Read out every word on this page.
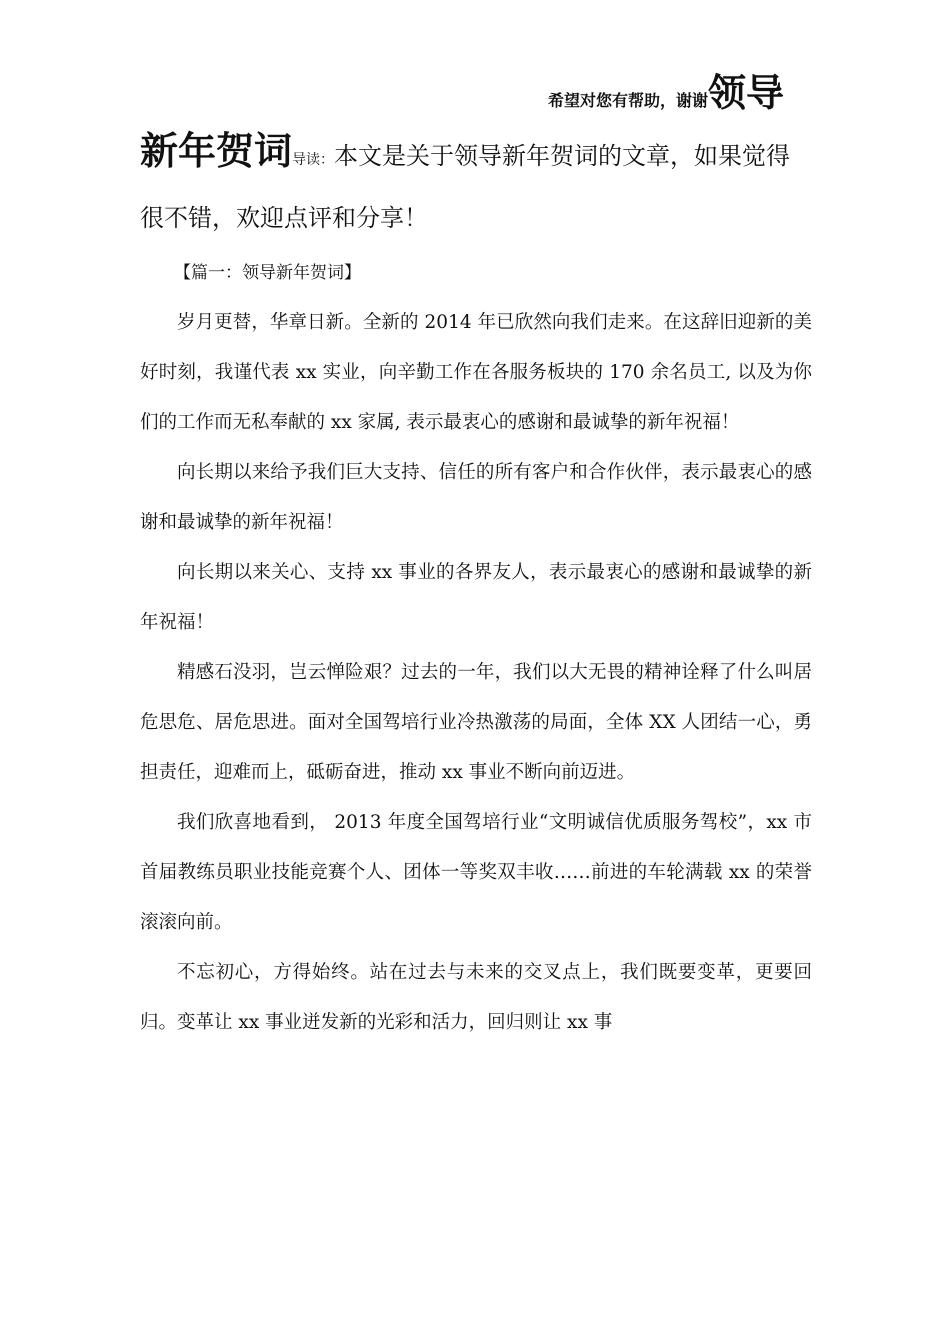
希望对您有帮助，谢谢领导
新年贺词导读：本文是关于领导新年贺词的文章，如果觉得很不错，欢迎点评和分享！

【篇一：领导新年贺词】

岁月更替，华章日新。全新的 2014 年已欣然向我们走来。在这辞旧迎新的美好时刻，我谨代表 xx 实业，向辛勤工作在各服务板块的 170 余名员工, 以及为你们的工作而无私奉献的 xx 家属, 表示最衷心的感谢和最诚挚的新年祝福！

向长期以来给予我们巨大支持、信任的所有客户和合作伙伴，表示最衷心的感谢和最诚挚的新年祝福！

向长期以来关心、支持 xx 事业的各界友人，表示最衷心的感谢和最诚挚的新年祝福！

精感石没羽，岂云惮险艰？过去的一年，我们以大无畏的精神诠释了什么叫居危思危、居危思进。面对全国驾培行业冷热激荡的局面，全体 XX 人团结一心，勇担责任，迎难而上，砥砺奋进，推动 xx 事业不断向前迈进。

我们欣喜地看到， 2013 年度全国驾培行业“文明诚信优质服务驾校”，xx 市首届教练员职业技能竞赛个人、团体一等奖双丰收……前进的车轮满载 xx 的荣誉滚滚向前。

不忘初心，方得始终。站在过去与未来的交叉点上，我们既要变革，更要回归。变革让 xx 事业迸发新的光彩和活力，回归则让 xx 事
